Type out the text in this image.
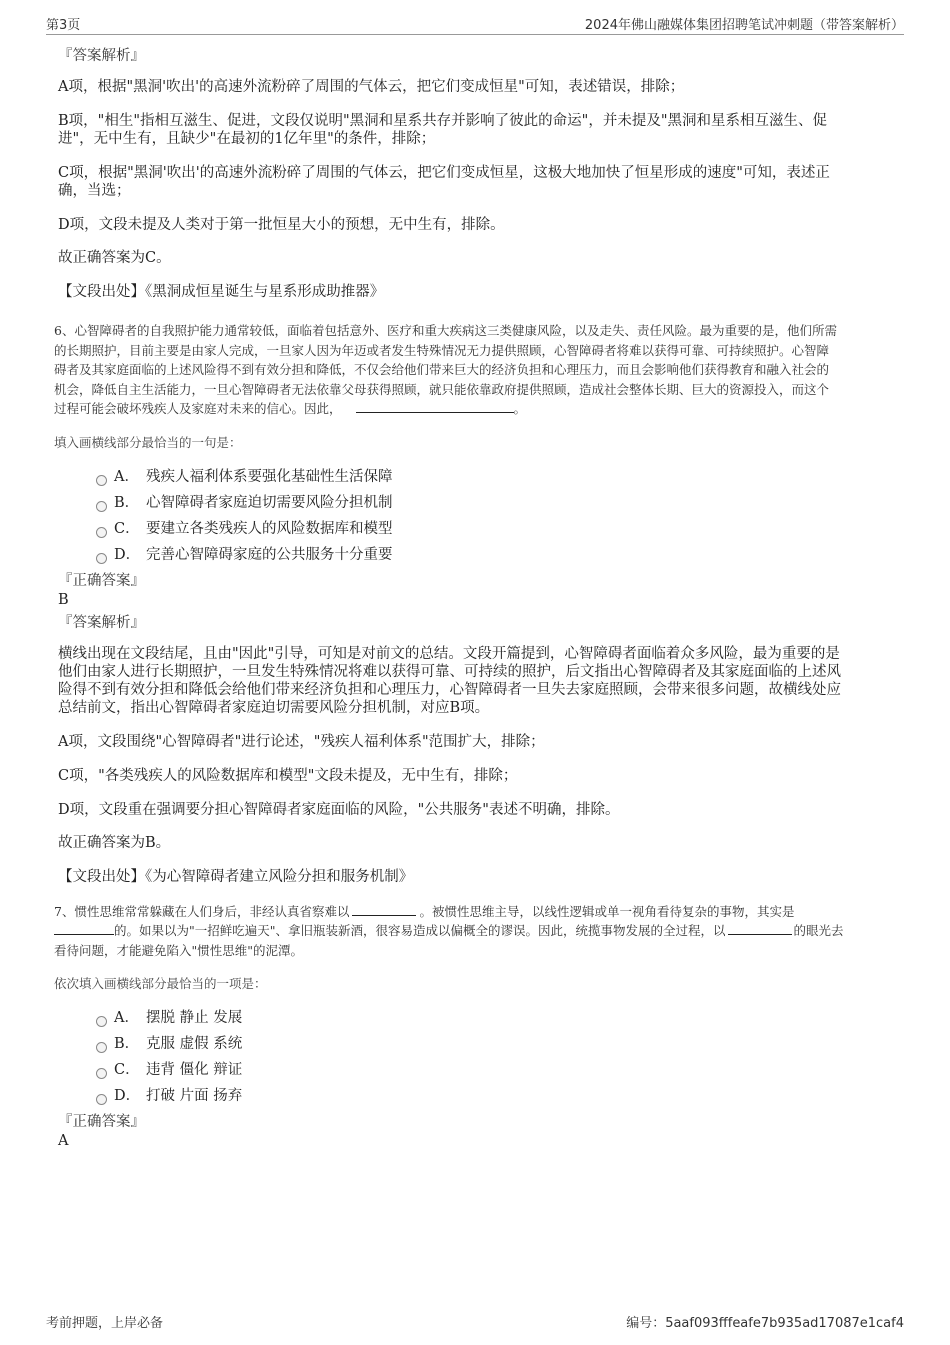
第3页	2024年佛山融媒体集团招聘笔试冲刺题（带答案解析）

『答案解析』

A项，根据"黑洞'吹出'的高速外流粉碎了周围的气体云，把它们变成恒星"可知，表述错误，排除；

B项，"相生"指相互滋生、促进，文段仅说明"黑洞和星系共存并影响了彼此的命运"，并未提及"黑洞和星系相互滋生、促

进"，无中生有，且缺少"在最初的1亿年里"的条件，排除；

C项，根据"黑洞'吹出'的高速外流粉碎了周围的气体云，把它们变成恒星，这极大地加快了恒星形成的速度"可知，表述正

确，当选；

D项，文段未提及人类对于第一批恒星大小的预想，无中生有，排除。

故正确答案为C。

【文段出处】《黑洞成恒星诞生与星系形成助推器》

6、心智障碍者的自我照护能力通常较低，面临着包括意外、医疗和重大疾病这三类健康风险，以及走失、责任风险。最为重要的是，他们所需

的长期照护，目前主要是由家人完成，一旦家人因为年迈或者发生特殊情况无力提供照顾，心智障碍者将难以获得可靠、可持续照护。心智障

碍者及其家庭面临的上述风险得不到有效分担和降低，不仅会给他们带来巨大的经济负担和心理压力，而且会影响他们获得教育和融入社会的

机会，降低自主生活能力，一旦心智障碍者无法依靠父母获得照顾，就只能依靠政府提供照顾，造成社会整体长期、巨大的资源投入，而这个

过程可能会破坏残疾人及家庭对未来的信心。因此，	。

填入画横线部分最恰当的一句是：

A． 残疾人福利体系要强化基础性生活保障
B． 心智障碍者家庭迫切需要风险分担机制
C． 要建立各类残疾人的风险数据库和模型
D． 完善心智障碍家庭的公共服务十分重要

『正确答案』

B

『答案解析』

横线出现在文段结尾，且由"因此"引导，可知是对前文的总结。文段开篇提到，心智障碍者面临着众多风险，最为重要的是

他们由家人进行长期照护，一旦发生特殊情况将难以获得可靠、可持续的照护，后文指出心智障碍者及其家庭面临的上述风

险得不到有效分担和降低会给他们带来经济负担和心理压力，心智障碍者一旦失去家庭照顾，会带来很多问题，故横线处应

总结前文，指出心智障碍者家庭迫切需要风险分担机制，对应B项。

A项，文段围绕"心智障碍者"进行论述，"残疾人福利体系"范围扩大，排除；

C项，"各类残疾人的风险数据库和模型"文段未提及，无中生有，排除；

D项，文段重在强调要分担心智障碍者家庭面临的风险，"公共服务"表述不明确，排除。

故正确答案为B。

【文段出处】《为心智障碍者建立风险分担和服务机制》

7、惯性思维常常躲藏在人们身后，非经认真省察难以	。被惯性思维主导，以线性逻辑或单一视角看待复杂的事物，其实是

的。如果以为"一招鲜吃遍天"、拿旧瓶装新酒，很容易造成以偏概全的谬误。因此，统揽事物发展的全过程，以	的眼光去

看待问题，才能避免陷入"惯性思维"的泥潭。

依次填入画横线部分最恰当的一项是：

A． 摆脱 静止 发展
B． 克服 虚假 系统
C． 违背 僵化 辩证
D． 打破 片面 扬弃

『正确答案』

A

考前押题，上岸必备	编号：5aaf093fffeafe7b935ad17087e1caf4
